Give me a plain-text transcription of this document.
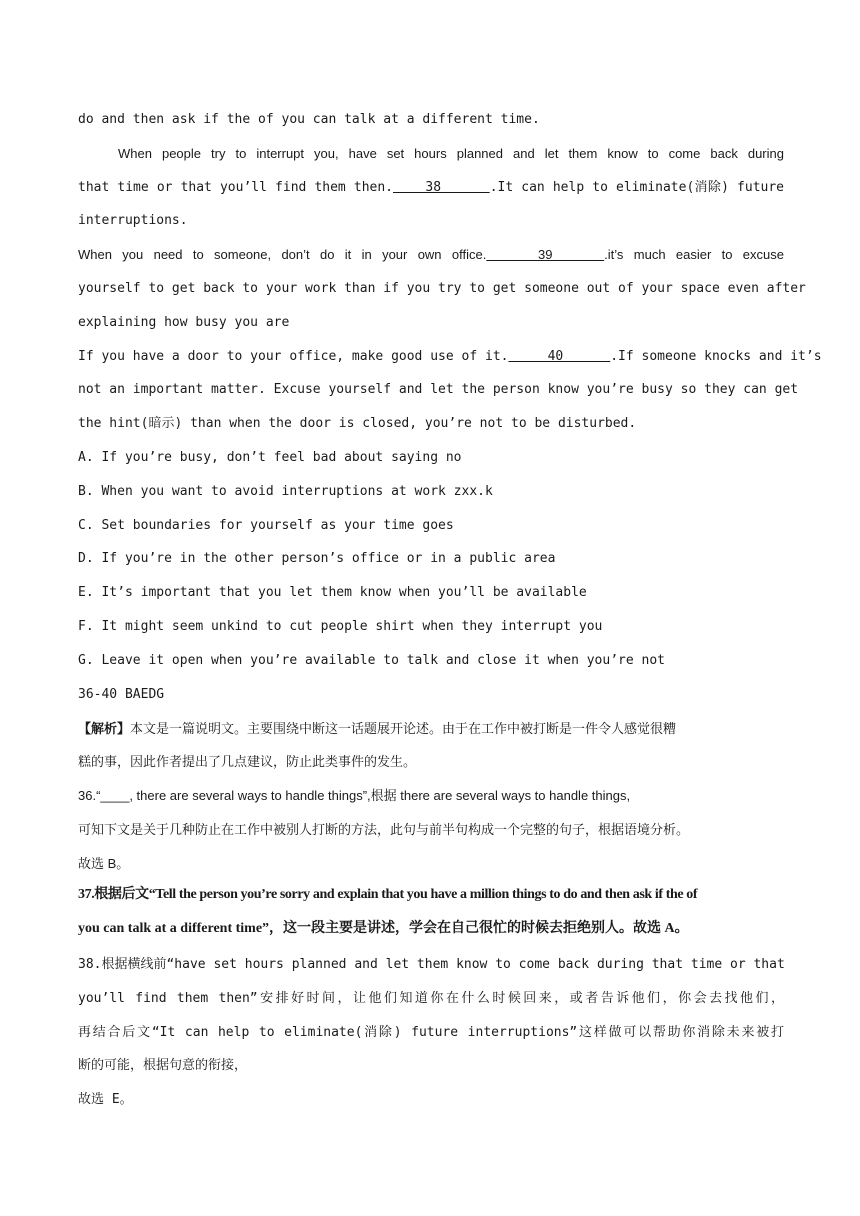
do and then ask if the of you can talk at a different time.
When people try to interrupt you, have set hours planned and let them know to come back during
that time or that you’ll find them then.    38      .It can help to eliminate(消除) future
interruptions.
When you need to someone, don’t do it in your own office.     39     .it’s much easier to excuse
yourself to get back to your work than if you try to get someone out of your space even after
explaining how busy you are
If you have a door to your office, make good use of it.     40      .If someone knocks and it’s
not an important matter. Excuse yourself and let the person know you’re busy so they can get
the hint(暗示) than when the door is closed, you’re not to be disturbed.
A. If you’re busy, don’t feel bad about saying no
B. When you want to avoid interruptions at work zxx.k
C. Set boundaries for yourself as your time goes
D. If you’re in the other person’s office or in a public area
E. It’s important that you let them know when you’ll be available
F. It might seem unkind to cut people shirt when they interrupt you
G. Leave it open when you’re available to talk and close it when you’re not
36-40 BAEDG
【解析】本文是一篇说明文。主要围绕中断这一话题展开论述。由于在工作中被打断是一件令人感觉很糟
糕的事，因此作者提出了几点建议，防止此类事件的发生。
36.“____, there are several ways to handle things”,根据 there are several ways to handle things,
可知下文是关于几种防止在工作中被别人打断的方法，此句与前半句构成一个完整的句子，根据语境分析。
故选 B。
37.根据后文“Tell the person you’re sorry and explain that you have a million things to do and then ask if the of
you can talk at a different time”，这一段主要是讲述，学会在自己很忙的时候去拒绝别人。故选 A。
38.根据横线前“have set hours planned and let them know to come back during that time or that
you’ll find them then”安排好时间，让他们知道你在什么时候回来，或者告诉他们，你会去找他们，
再结合后文“It can help to eliminate(消除) future interruptions”这样做可以帮助你消除未来被打
断的可能，根据句意的衔接，
故选 E。
